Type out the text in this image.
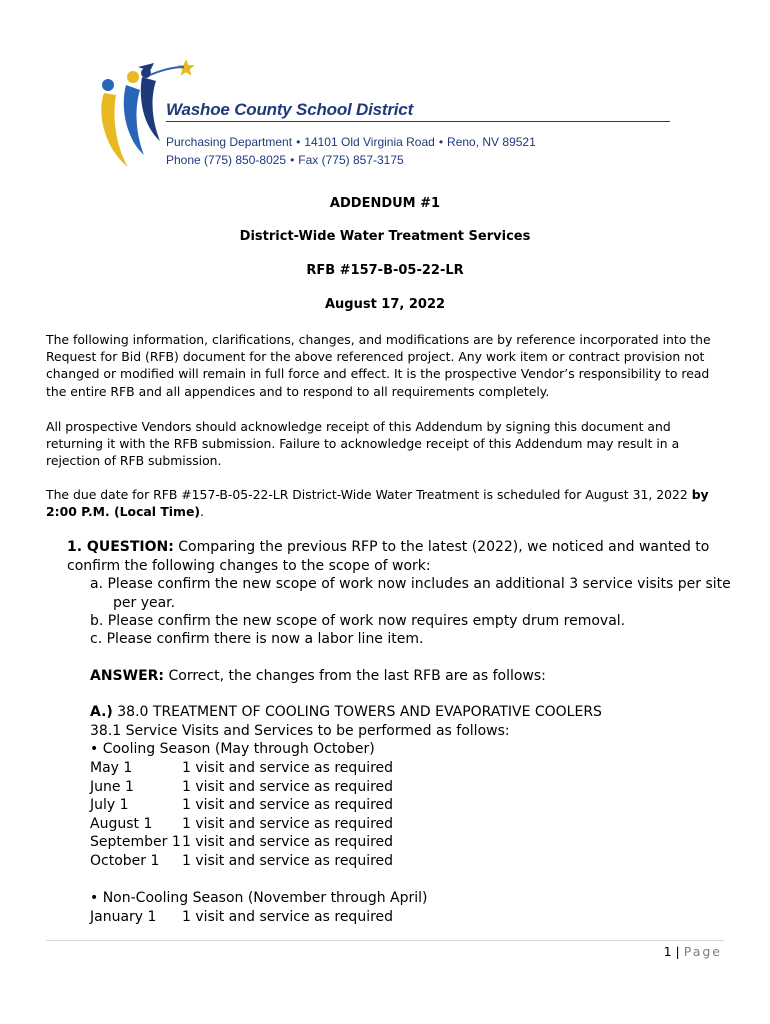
Washoe County School District
Purchasing Department • 14101 Old Virginia Road • Reno, NV 89521
Phone (775) 850-8025 • Fax (775) 857-3175
ADDENDUM #1
District-Wide Water Treatment Services
RFB #157-B-05-22-LR
August 17, 2022
The following information, clarifications, changes, and modifications are by reference incorporated into the Request for Bid (RFB) document for the above referenced project. Any work item or contract provision not changed or modified will remain in full force and effect. It is the prospective Vendor’s responsibility to read the entire RFB and all appendices and to respond to all requirements completely.
All prospective Vendors should acknowledge receipt of this Addendum by signing this document and returning it with the RFB submission. Failure to acknowledge receipt of this Addendum may result in a rejection of RFB submission.
The due date for RFB #157-B-05-22-LR District-Wide Water Treatment is scheduled for August 31, 2022 by 2:00 P.M. (Local Time).
1. QUESTION: Comparing the previous RFP to the latest (2022), we noticed and wanted to
confirm the following changes to the scope of work:
a. Please confirm the new scope of work now includes an additional 3 service visits per site
per year.
b. Please confirm the new scope of work now requires empty drum removal.
c. Please confirm there is now a labor line item.
ANSWER: Correct, the changes from the last RFB are as follows:
A.) 38.0 TREATMENT OF COOLING TOWERS AND EVAPORATIVE COOLERS
38.1 Service Visits and Services to be performed as follows:
• Cooling Season (May through October)
May 1	1 visit and service as required
June 1	1 visit and service as required
July 1	1 visit and service as required
August 1	1 visit and service as required
September 1 1 visit and service as required
October 1	1 visit and service as required
• Non-Cooling Season (November through April)
January 1	1 visit and service as required
1 | Page
